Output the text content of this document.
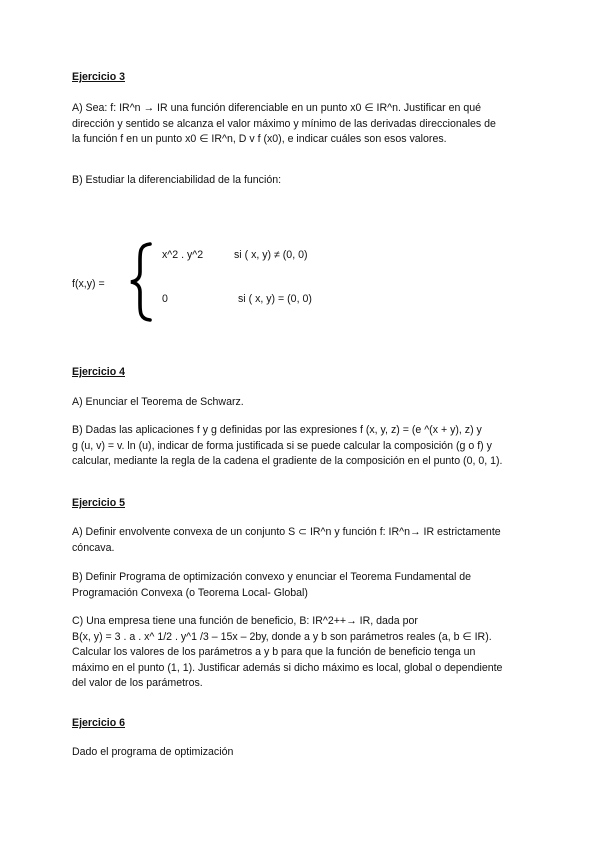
Ejercicio 3
A) Sea: f: IR^n → IR una función diferenciable en un punto x0 ∈ IR^n. Justificar en qué
dirección y sentido se alcanza el valor máximo y mínimo de las derivadas direccionales de
la función f en un punto x0 ∈ IR^n, D v f (x0), e indicar cuáles son esos valores.
B) Estudiar la diferenciabilidad de la función:
f(x,y) =
x^2 . y^2	si ( x, y) ≠ (0, 0)
0	si ( x, y) = (0, 0)
Ejercicio 4
A) Enunciar el Teorema de Schwarz.
B) Dadas las aplicaciones f y g definidas por las expresiones f (x, y, z) = (e ^(x + y), z) y
g (u, v) = v. ln (u), indicar de forma justificada si se puede calcular la composición (g o f) y
calcular, mediante la regla de la cadena el gradiente de la composición en el punto (0, 0, 1).
Ejercicio 5
A) Definir envolvente convexa de un conjunto S ⊂ IR^n y función f: IR^n→ IR estrictamente
cóncava.
B) Definir Programa de optimización convexo y enunciar el Teorema Fundamental de
Programación Convexa (o Teorema Local- Global)
C) Una empresa tiene una función de beneficio, B: IR^2++→ IR, dada por
B(x, y) = 3 . a . x^ 1/2 . y^1 /3 – 15x – 2by, donde a y b son parámetros reales (a, b ∈ IR).
Calcular los valores de los parámetros a y b para que la función de beneficio tenga un
máximo en el punto (1, 1). Justificar además si dicho máximo es local, global o dependiente
del valor de los parámetros.
Ejercicio 6
Dado el programa de optimización
